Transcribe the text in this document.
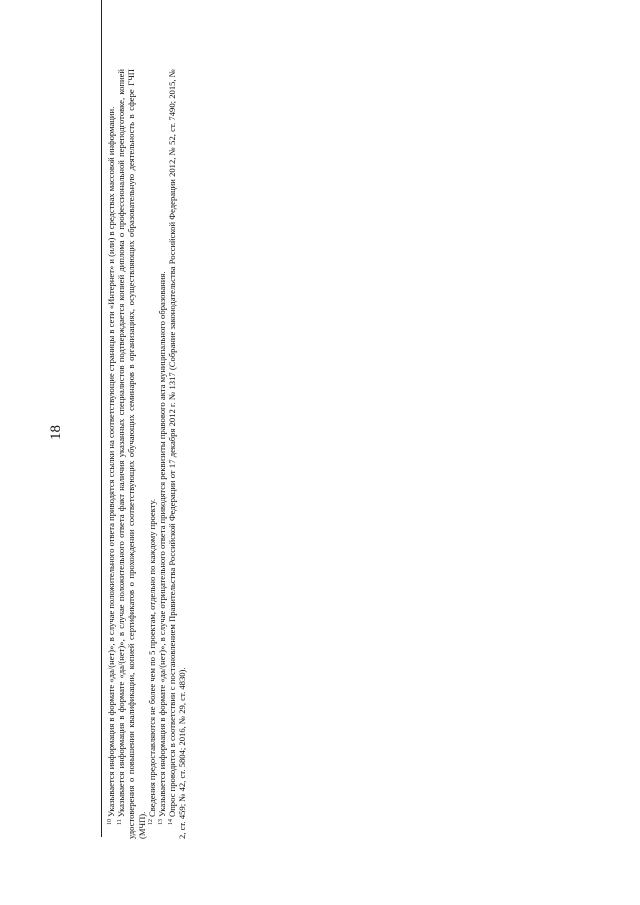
18

$^{10}$Указывается информация в формате «да/(нет)», в случае положительного ответа приводятся ссылки на соответствующие страницы в сети «Интернет» и (или) в средствах массовой информации.

$^{11}$Указывается информация в формате «да/(нет)», в случае положительного ответа факт наличия указанных специалистов подтверждается копией диплома о профессиональной переподготовке, копией удостоверения о повышении квалификации, копией сертификатов о прохождении соответствующих обучающих семинаров в организациях, осуществляющих образовательную деятельность в сфере ГЧП (МЧП). $^{12}$Сведения предоставляются не более чем по 5 проектам, отдельно по каждому проекту.

$^{13}$Указывается информация в формате «да/(нет)», в случае отрицательного ответа приводятся реквизиты правового акта муниципального образования.

$^{14}$Опрос проводится в соответствии с постановлением Правительства Российской Федерации от 17 декабря 2012 г. № 1317 (Собрание законодательства Российской Федерации 2012, № 52, ст. 7490; 2015, № 2, ст. 459; № 42, ст. 5804; 2016, № 29, ст. 4830).
